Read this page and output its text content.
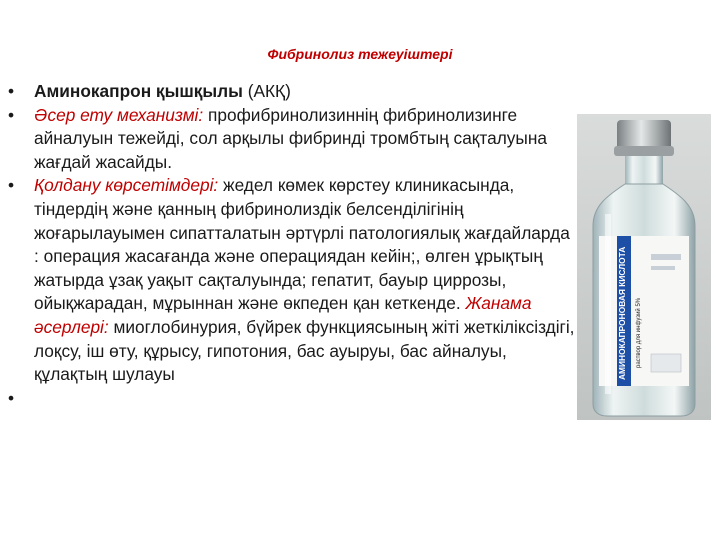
Фибринолиз тежеуіштері
•	Аминокапрон қышқылы (АКҚ)
•	Әсер ету механизмі: профибринолизиннің фибринолизинге айналуын тежейді, сол арқылы фибринді тромбтың сақталуына жағдай жасайды.
•	Қолдану көрсетімдері: жедел көмек көрстеу клиникасында, тіндердің және қанның фибринолиздік белсенділігінің жоғарылауымен сипатталатын әртүрлі патологиялық жағдайларда : операция жасағанда және операциядан кейін;, өлген ұрықтың жатырда ұзақ уақыт сақталуында; гепатит, бауыр циррозы, ойықжарадан, мұрыннан және өкпеден қан кеткенде. Жанама әсерлері: миоглобинурия, бүйрек функциясының жіті жеткіліксіздігі, лоқсу, іш өту, құрысу, гипотония, бас ауыруы, бас айналуы, құлақтың шулауы
•

АМИНОКАПРОНОВАЯ КИСЛОТА раствор для инфузий 5%
